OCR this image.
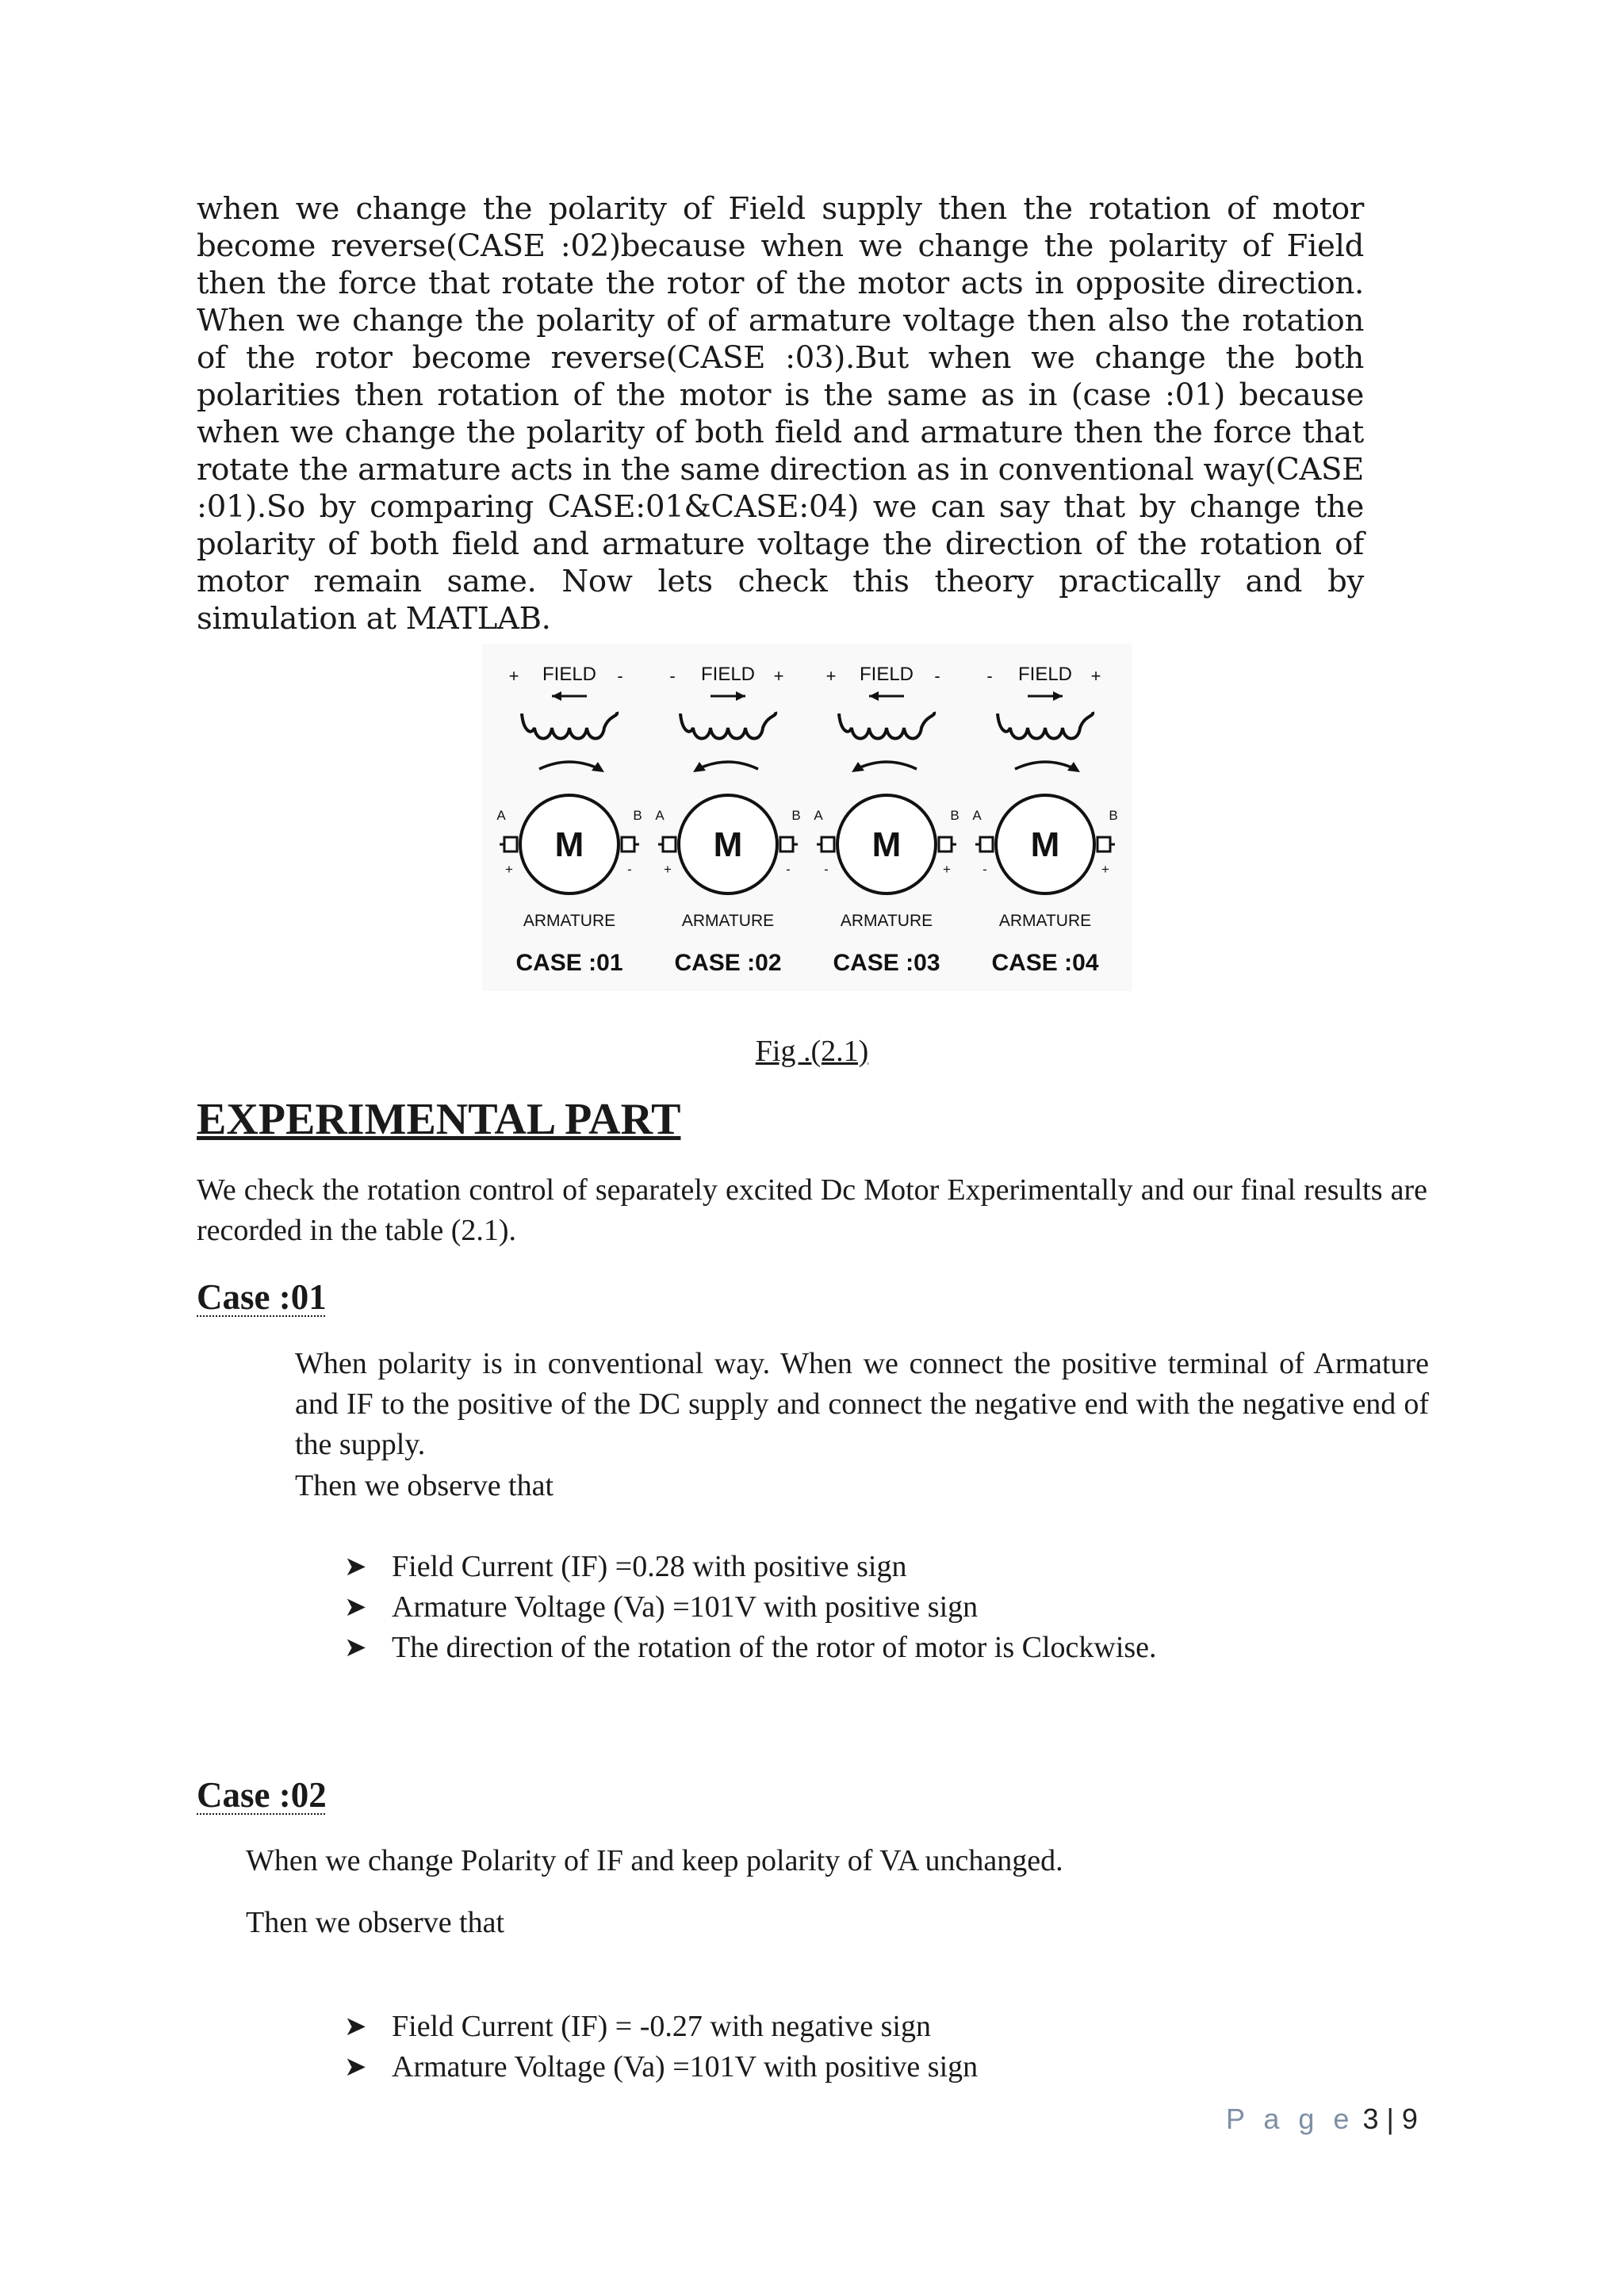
when we change the polarity of Field supply then the rotation of motor become reverse(CASE :02)because when we change the polarity of Field then the force that rotate the rotor of the motor acts in opposite direction. When we change the polarity of of armature voltage then also the rotation of the rotor become reverse(CASE :03).But when we change the both polarities then rotation of the motor is the same as in (case :01) because when we change the polarity of both field and armature then the force that rotate the armature acts in the same direction as in conventional way(CASE :01).So by comparing CASE:01&CASE:04) we can say that by change the polarity of both field and armature voltage the direction of the rotation of motor remain same. Now lets check this theory practically and by simulation at MATLAB.

+ FIELD -
A	B
M
+	-
ARMATURE
CASE :01
- FIELD +
A	B
M
+	-
ARMATURE
CASE :02
+ FIELD -
A	B
M
-	+
ARMATURE
CASE :03
- FIELD +
A	B
M
-	+
ARMATURE
CASE :04

Fig .(2.1)

EXPERIMENTAL PART

We check the rotation control of separately excited Dc Motor Experimentally and our final results are recorded in the table (2.1).

Case :01

When polarity is in conventional way. When we connect the positive terminal of Armature and IF to the positive of the DC supply and connect the negative end with the negative end of the supply.

Then we observe that

➤ Field Current (IF) =0.28 with positive sign
➤ Armature Voltage (Va) =101V with positive sign
➤ The direction of the rotation of the rotor of motor is Clockwise.
Case :02

When we change Polarity of IF and keep polarity of VA unchanged.

Then we observe that

➤ Field Current (IF) = -0.27 with negative sign
➤ Armature Voltage (Va) =101V with positive sign

P a g e 3 | 9
